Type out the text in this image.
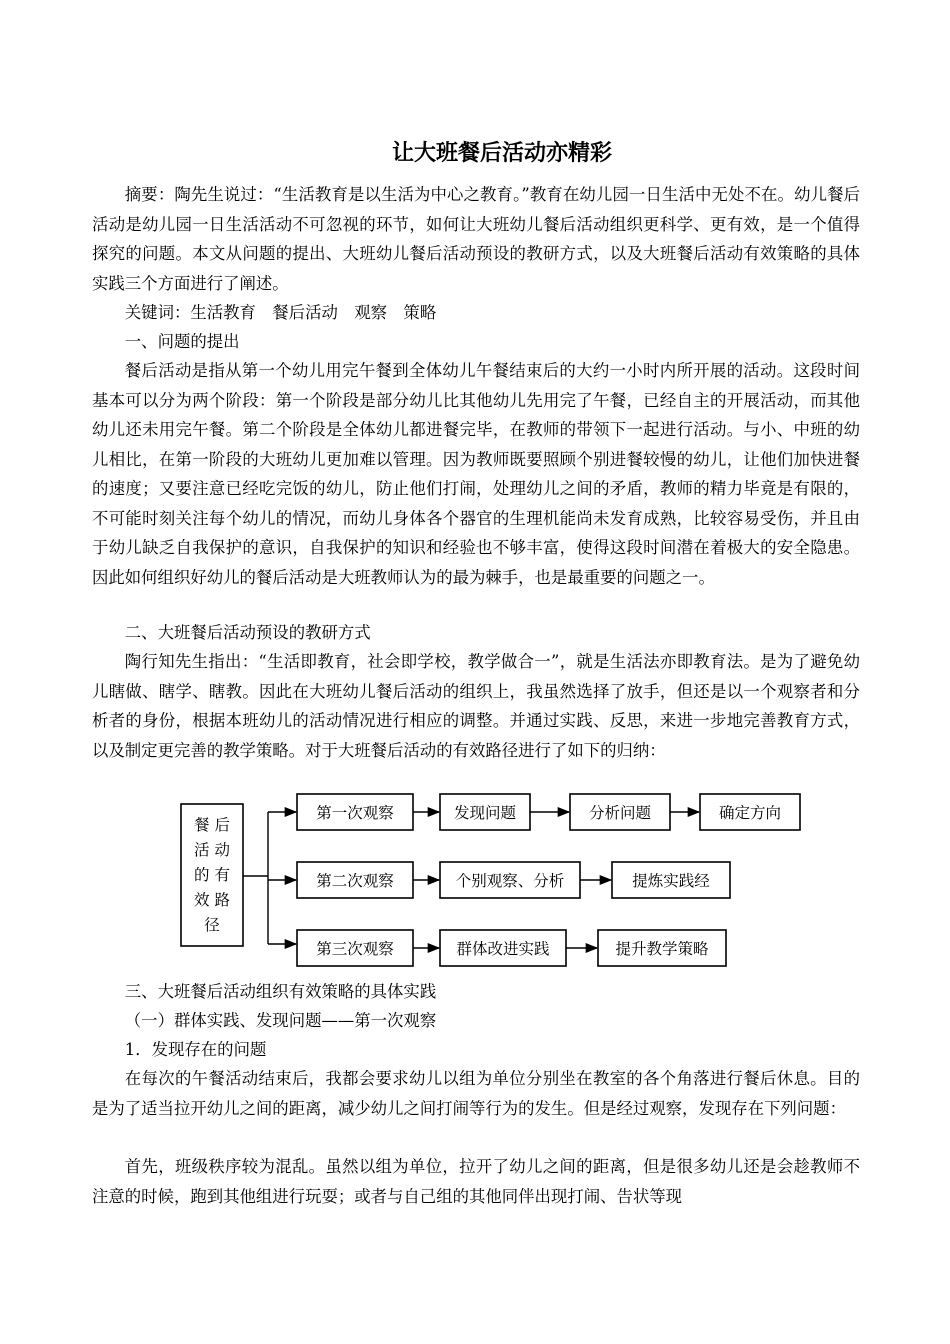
让大班餐后活动亦精彩
摘要：陶先生说过：“生活教育是以生活为中心之教育。”教育在幼儿园一日生活中无处不在。幼儿餐后活动是幼儿园一日生活活动不可忽视的环节，如何让大班幼儿餐后活动组织更科学、更有效，是一个值得探究的问题。本文从问题的提出、大班幼儿餐后活动预设的教研方式，以及大班餐后活动有效策略的具体实践三个方面进行了阐述。
关键词：生活教育　餐后活动　观察　策略
一、问题的提出
餐后活动是指从第一个幼儿用完午餐到全体幼儿午餐结束后的大约一小时内所开展的活动。这段时间基本可以分为两个阶段：第一个阶段是部分幼儿比其他幼儿先用完了午餐，已经自主的开展活动，而其他幼儿还未用完午餐。第二个阶段是全体幼儿都进餐完毕，在教师的带领下一起进行活动。与小、中班的幼儿相比，在第一阶段的大班幼儿更加难以管理。因为教师既要照顾个别进餐较慢的幼儿，让他们加快进餐的速度；又要注意已经吃完饭的幼儿，防止他们打闹，处理幼儿之间的矛盾，教师的精力毕竟是有限的，不可能时刻关注每个幼儿的情况，而幼儿身体各个器官的生理机能尚未发育成熟，比较容易受伤，并且由于幼儿缺乏自我保护的意识，自我保护的知识和经验也不够丰富，使得这段时间潜在着极大的安全隐患。因此如何组织好幼儿的餐后活动是大班教师认为的最为棘手，也是最重要的问题之一。
二、大班餐后活动预设的教研方式
陶行知先生指出：“生活即教育，社会即学校，教学做合一”，就是生活法亦即教育法。是为了避免幼儿瞎做、瞎学、瞎教。因此在大班幼儿餐后活动的组织上，我虽然选择了放手，但还是以一个观察者和分析者的身份，根据本班幼儿的活动情况进行相应的调整。并通过实践、反思，来进一步地完善教育方式，以及制定更完善的教学策略。对于大班餐后活动的有效路径进行了如下的归纳：
餐 后
活 动
的 有
效 路
径
第一次观察	发现问题	分析问题	确定方向
第二次观察	个别观察、分析	提炼实践经
第三次观察	群体改进实践	提升教学策略
三、大班餐后活动组织有效策略的具体实践
（一）群体实践、发现问题——第一次观察
1．发现存在的问题
在每次的午餐活动结束后，我都会要求幼儿以组为单位分别坐在教室的各个角落进行餐后休息。目的是为了适当拉开幼儿之间的距离，减少幼儿之间打闹等行为的发生。但是经过观察，发现存在下列问题：
首先，班级秩序较为混乱。虽然以组为单位，拉开了幼儿之间的距离，但是很多幼儿还是会趁教师不注意的时候，跑到其他组进行玩耍；或者与自己组的其他同伴出现打闹、告状等现
